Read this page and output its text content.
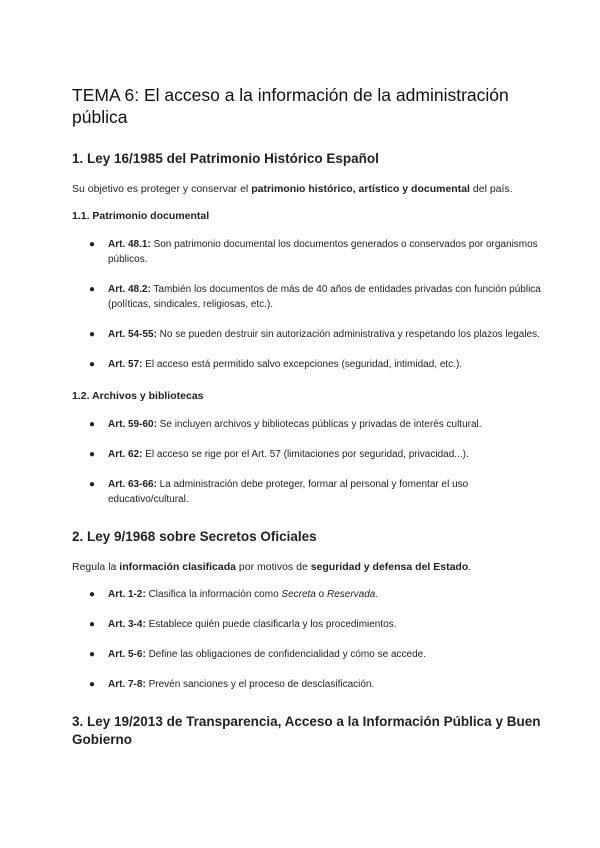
TEMA 6: El acceso a la información de la administración pública
1. Ley 16/1985 del Patrimonio Histórico Español

Su objetivo es proteger y conservar el patrimonio histórico, artístico y documental del país.

1.1. Patrimonio documental
● Art. 48.1: Son patrimonio documental los documentos generados o conservados por organismos públicos.
● Art. 48.2: También los documentos de más de 40 años de entidades privadas con función pública (políticas, sindicales, religiosas, etc.).
● Art. 54-55: No se pueden destruir sin autorización administrativa y respetando los plazos legales.
● Art. 57: El acceso está permitido salvo excepciones (seguridad, intimidad, etc.).
1.2. Archivos y bibliotecas
● Art. 59-60: Se incluyen archivos y bibliotecas públicas y privadas de interés cultural.
● Art. 62: El acceso se rige por el Art. 57 (limitaciones por seguridad, privacidad...).
● Art. 63-66: La administración debe proteger, formar al personal y fomentar el uso educativo/cultural.
2. Ley 9/1968 sobre Secretos Oficiales

Regula la información clasificada por motivos de seguridad y defensa del Estado.

● Art. 1-2: Clasifica la información como Secreta o Reservada.
● Art. 3-4: Establece quién puede clasificarla y los procedimientos.
● Art. 5-6: Define las obligaciones de confidencialidad y cómo se accede.
● Art. 7-8: Prevén sanciones y el proceso de desclasificación.
3. Ley 19/2013 de Transparencia, Acceso a la Información Pública y Buen Gobierno
